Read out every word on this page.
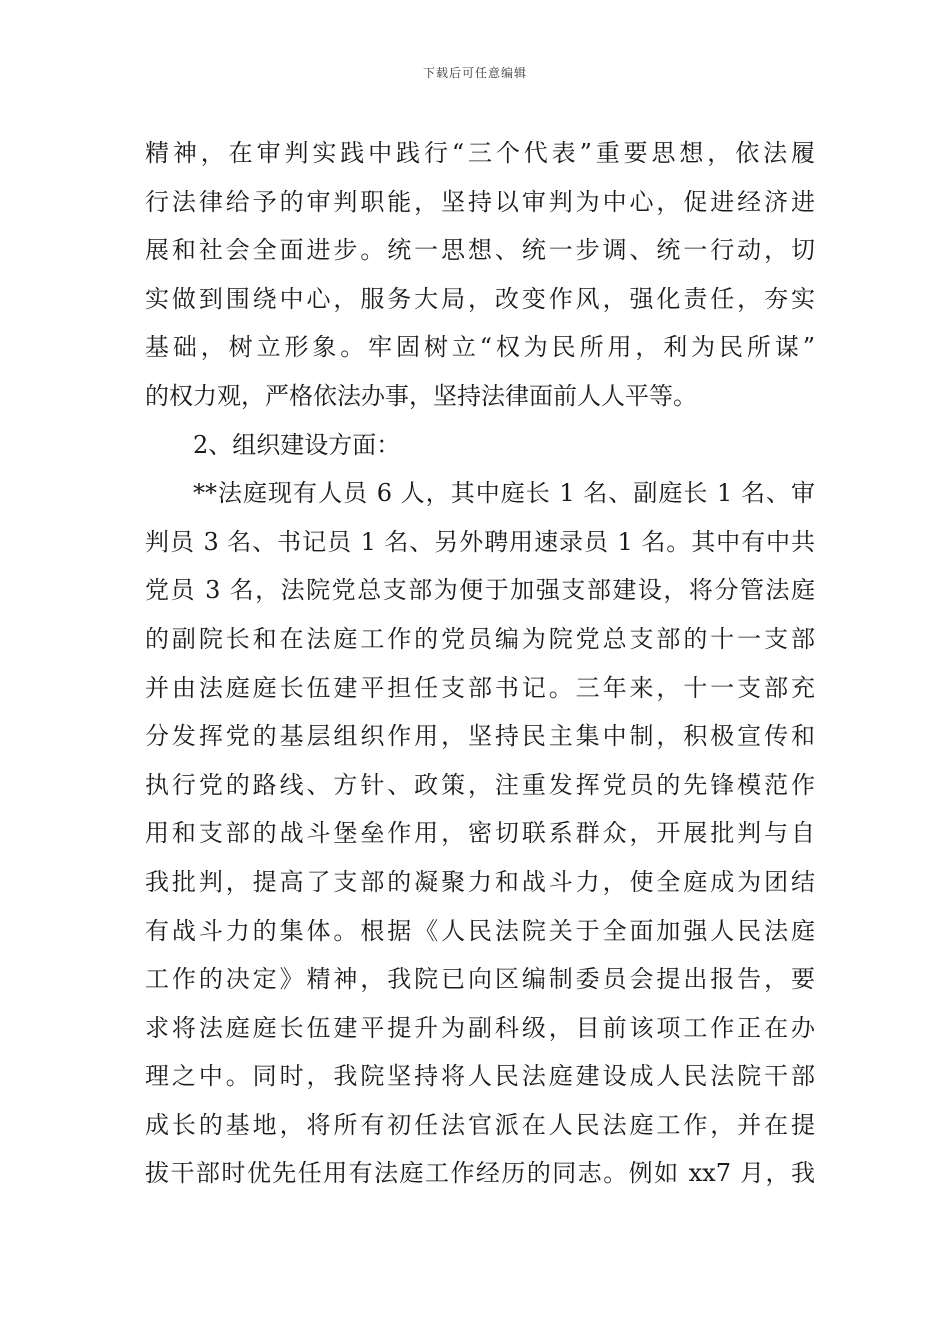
下载后可任意编辑
精神，在审判实践中践行“三个代表”重要思想，依法履
行法律给予的审判职能，坚持以审判为中心，促进经济进
展和社会全面进步。统一思想、统一步调、统一行动，切
实做到围绕中心，服务大局，改变作风，强化责任，夯实
基础，树立形象。牢固树立“权为民所用，利为民所谋”
的权力观，严格依法办事，坚持法律面前人人平等。
2、组织建设方面：
**法庭现有人员 6 人，其中庭长 1 名、副庭长 1 名、审
判员 3 名、书记员 1 名、另外聘用速录员 1 名。其中有中共
党员 3 名，法院党总支部为便于加强支部建设，将分管法庭
的副院长和在法庭工作的党员编为院党总支部的十一支部
并由法庭庭长伍建平担任支部书记。三年来，十一支部充
分发挥党的基层组织作用，坚持民主集中制，积极宣传和
执行党的路线、方针、政策，注重发挥党员的先锋模范作
用和支部的战斗堡垒作用，密切联系群众，开展批判与自
我批判，提高了支部的凝聚力和战斗力，使全庭成为团结
有战斗力的集体。根据《人民法院关于全面加强人民法庭
工作的决定》精神，我院已向区编制委员会提出报告，要
求将法庭庭长伍建平提升为副科级，目前该项工作正在办
理之中。同时，我院坚持将人民法庭建设成人民法院干部
成长的基地，将所有初任法官派在人民法庭工作，并在提
拔干部时优先任用有法庭工作经历的同志。例如 xx7 月，我
